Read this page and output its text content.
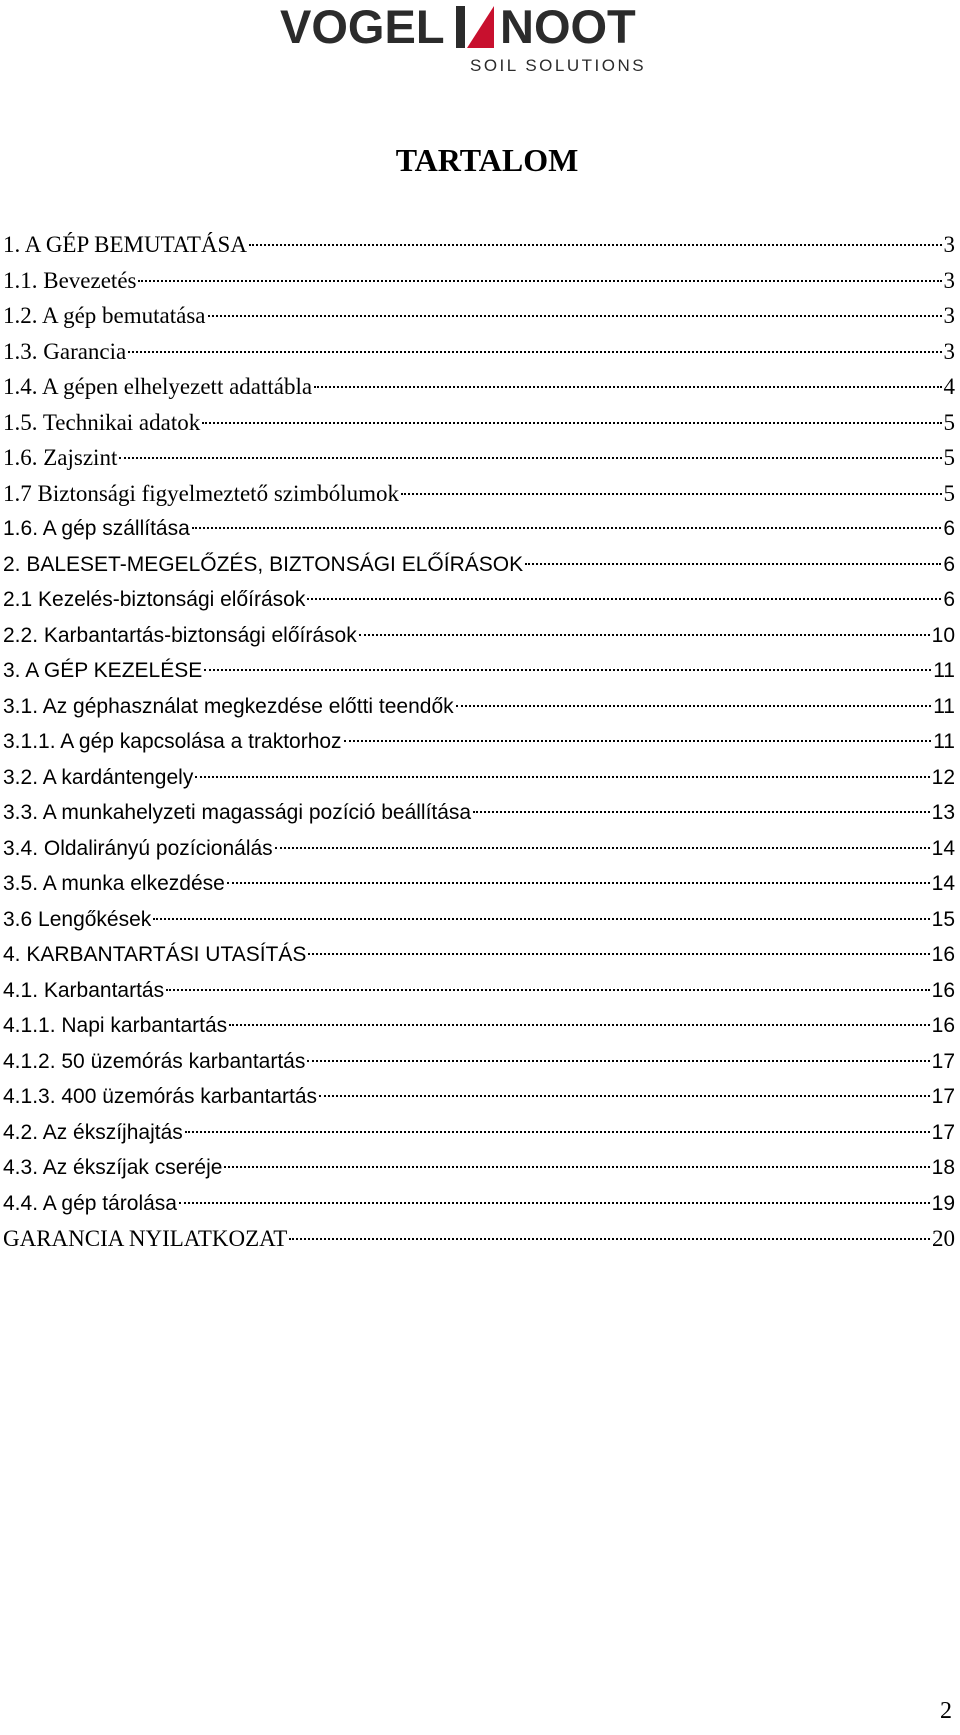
VOGEL NOOT
SOIL SOLUTIONS
TARTALOM
1. A GÉP BEMUTATÁSA	3
1.1. Bevezetés	3
1.2. A gép bemutatása	3
1.3. Garancia	3
1.4. A gépen elhelyezett adattábla	4
1.5. Technikai adatok	5
1.6. Zajszint	5
1.7 Biztonsági figyelmeztető szimbólumok	5
1.6. A gép szállítása	6
2. BALESET-MEGELŐZÉS, BIZTONSÁGI ELŐÍRÁSOK	6
2.1 Kezelés-biztonsági előírások	6
2.2. Karbantartás-biztonsági előírások	10
3. A GÉP KEZELÉSE	11
3.1. Az géphasználat megkezdése előtti teendők	11
3.1.1. A gép kapcsolása a traktorhoz	11
3.2. A kardántengely	12
3.3. A munkahelyzeti magassági pozíció beállítása	13
3.4. Oldalirányú pozícionálás	14
3.5. A munka elkezdése	14
3.6 Lengőkések	15
4. KARBANTARTÁSI UTASÍTÁS	16
4.1. Karbantartás	16
4.1.1. Napi karbantartás	16
4.1.2. 50 üzemórás karbantartás	17
4.1.3. 400 üzemórás karbantartás	17
4.2. Az ékszíjhajtás	17
4.3. Az ékszíjak cseréje	18
4.4. A gép tárolása	19
GARANCIA NYILATKOZAT	20
2
